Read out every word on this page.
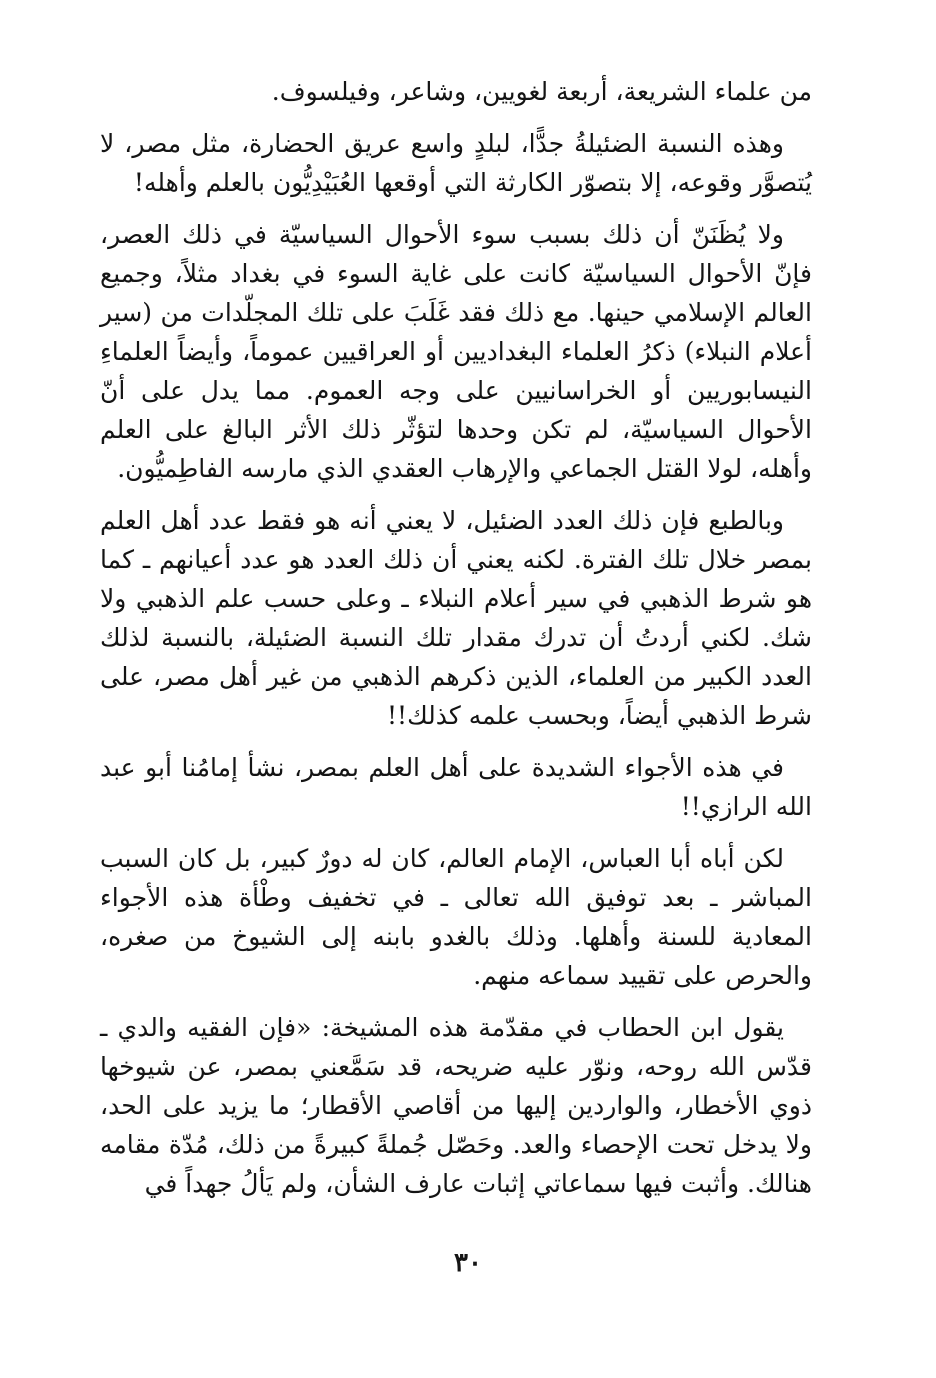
من علماء الشريعة، أربعة لغويين، وشاعر، وفيلسوف.

وهذه النسبة الضئيلةُ جدًّا، لبلدٍ واسع عريق الحضارة، مثل مصر، لا يُتصوَّر وقوعه، إلا بتصوّر الكارثة التي أوقعها العُبَيْدِيُّون بالعلم وأهله!

ولا يُظَنَنّ أن ذلك بسبب سوء الأحوال السياسيّة في ذلك العصر، فإنّ الأحوال السياسيّة كانت على غاية السوء في بغداد مثلاً، وجميع العالم الإسلامي حينها. مع ذلك فقد غَلَبَ على تلك المجلّدات من (سير أعلام النبلاء) ذكرُ العلماء البغداديين أو العراقيين عموماً، وأيضاً العلماءِ النيسابوريين أو الخراسانيين على وجه العموم. مما يدل على أنّ الأحوال السياسيّة، لم تكن وحدها لتؤثّر ذلك الأثر البالغ على العلم وأهله، لولا القتل الجماعي والإرهاب العقدي الذي مارسه الفاطِميُّون.

وبالطبع فإن ذلك العدد الضئيل، لا يعني أنه هو فقط عدد أهل العلم بمصر خلال تلك الفترة. لكنه يعني أن ذلك العدد هو عدد أعيانهم ـ كما هو شرط الذهبي في سير أعلام النبلاء ـ وعلى حسب علم الذهبي ولا شك. لكني أردتُ أن تدرك مقدار تلك النسبة الضئيلة، بالنسبة لذلك العدد الكبير من العلماء، الذين ذكرهم الذهبي من غير أهل مصر، على شرط الذهبي أيضاً، وبحسب علمه كذلك!!

في هذه الأجواء الشديدة على أهل العلم بمصر، نشأ إمامُنا أبو عبد الله الرازي!!

لكن أباه أبا العباس، الإمام العالم، كان له دورٌ كبير، بل كان السبب المباشر ـ بعد توفيق الله تعالى ـ في تخفيف وطْأة هذه الأجواء المعادية للسنة وأهلها. وذلك بالغدو بابنه إلى الشيوخ من صغره، والحرص على تقييد سماعه منهم.

يقول ابن الحطاب في مقدّمة هذه المشيخة: «فإن الفقيه والدي ـ قدّس الله روحه، ونوّر عليه ضريحه، قد سَمَّعني بمصر، عن شيوخها ذوي الأخطار، والواردين إليها من أقاصي الأقطار؛ ما يزيد على الحد، ولا يدخل تحت الإحصاء والعد. وحَصّل جُملةً كبيرةً من ذلك، مُدّة مقامه هنالك. وأثبت فيها سماعاتي إثبات عارف الشأن، ولم يَألُ جهداً في

٣٠
